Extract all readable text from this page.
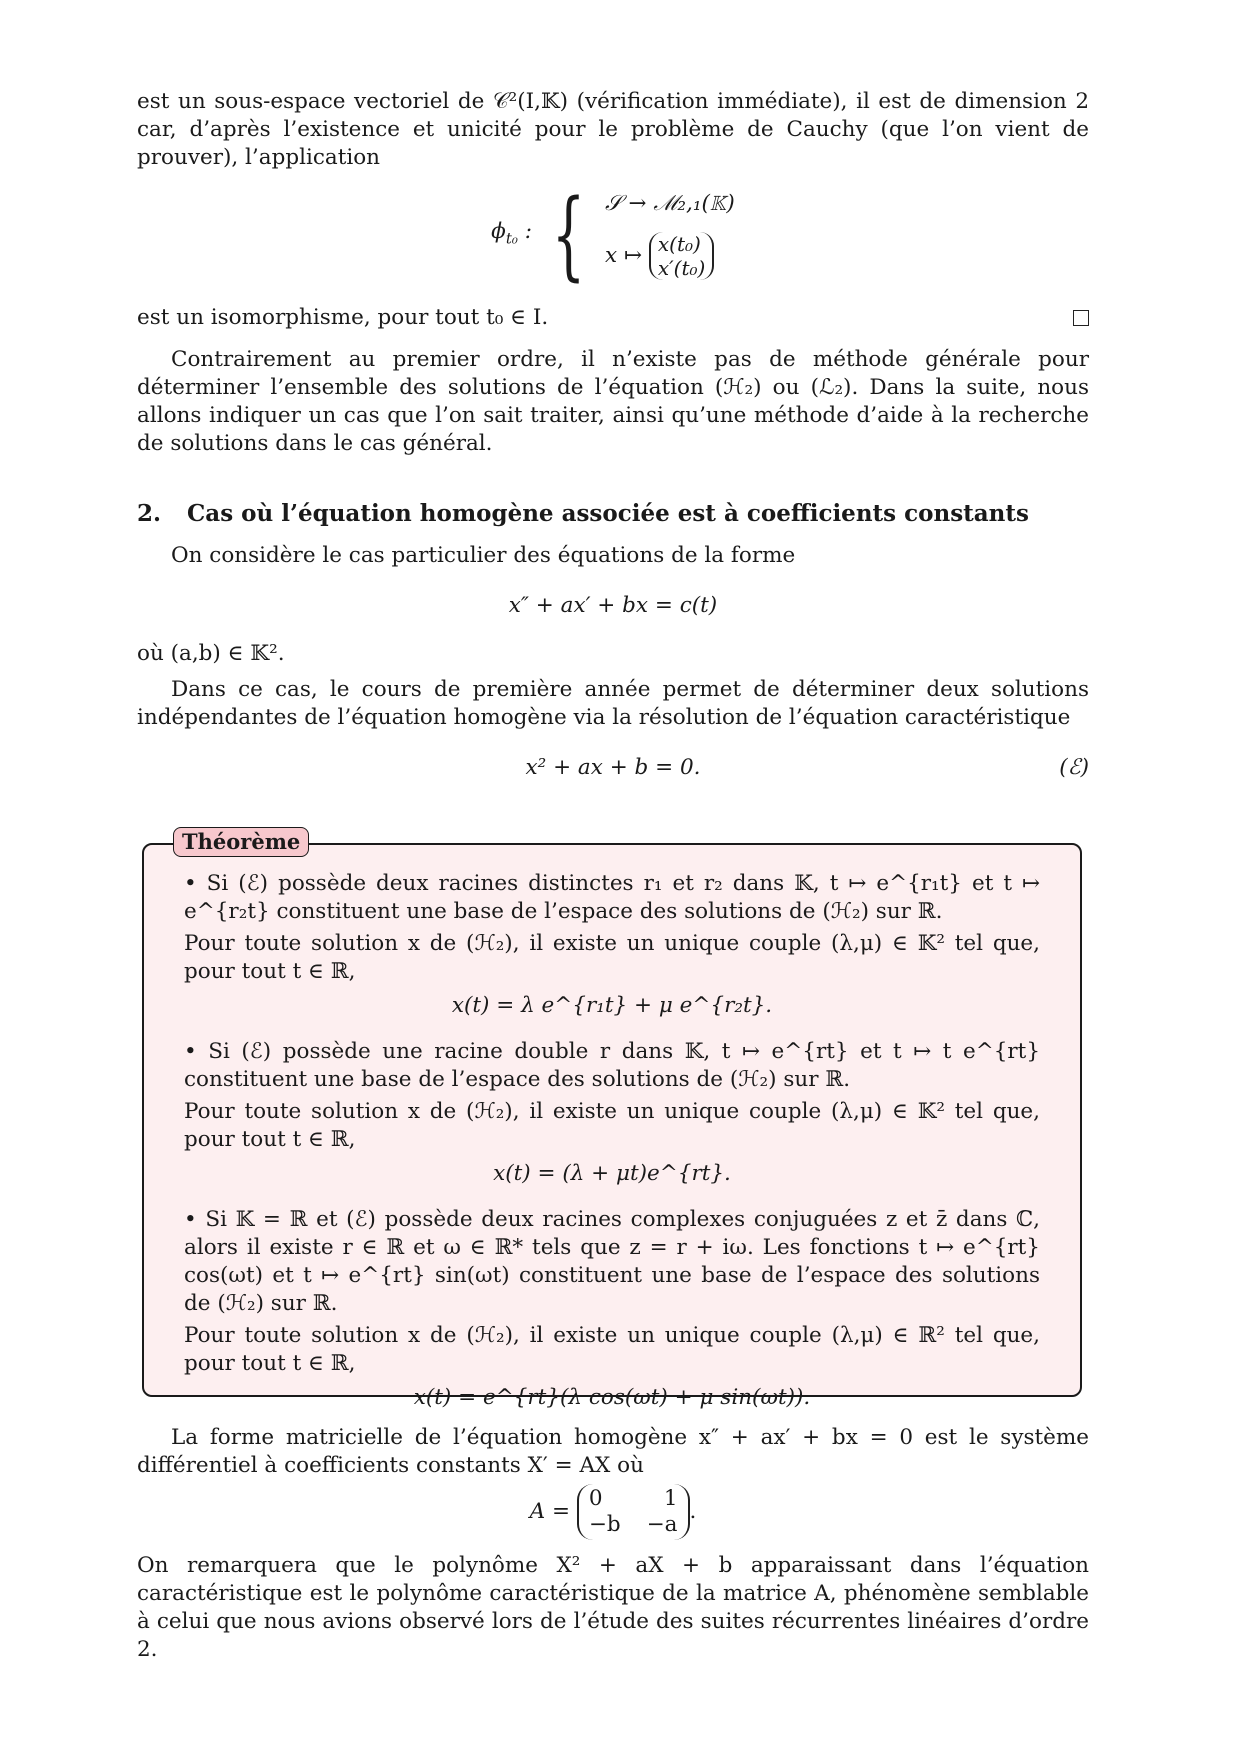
est un sous-espace vectoriel de 𝒞²(I,𝕂) (vérification immédiate), il est de dimension 2 car, d’après l’existence et unicité pour le problème de Cauchy (que l’on vient de prouver), l’application

$\phi_{t_0}$ : { 𝒮 → ℳ₂,₁(𝕂)
x ↦ x(t₀)
x′(t₀)

est un isomorphisme, pour tout t₀ ∈ I.

Contrairement au premier ordre, il n’existe pas de méthode générale pour déterminer l’ensemble des solutions de l’équation (ℋ₂) ou (ℒ₂). Dans la suite, nous allons indiquer un cas que l’on sait traiter, ainsi qu’une méthode d’aide à la recherche de solutions dans le cas général.

2. Cas où l’équation homogène associée est à coefficients constants

On considère le cas particulier des équations de la forme

x″ + ax′ + bx = c(t)

où (a,b) ∈ 𝕂².

Dans ce cas, le cours de première année permet de déterminer deux solutions indépendantes de l’équation homogène via la résolution de l’équation caractéristique

x² + ax + b = 0.	(ℰ)
Théorème

• Si (ℰ) possède deux racines distinctes r₁ et r₂ dans 𝕂, t ↦ e^{r₁t} et t ↦ e^{r₂t} constituent une base de l’espace des solutions de (ℋ₂) sur ℝ.

Pour toute solution x de (ℋ₂), il existe un unique couple (λ,μ) ∈ 𝕂² tel que, pour tout t ∈ ℝ,

x(t) = λ e^{r₁t} + μ e^{r₂t}.

• Si (ℰ) possède une racine double r dans 𝕂, t ↦ e^{rt} et t ↦ t e^{rt} constituent une base de l’espace des solutions de (ℋ₂) sur ℝ.

Pour toute solution x de (ℋ₂), il existe un unique couple (λ,μ) ∈ 𝕂² tel que, pour tout t ∈ ℝ,

x(t) = (λ + μt)e^{rt}.

• Si 𝕂 = ℝ et (ℰ) possède deux racines complexes conjuguées z et z̄ dans ℂ, alors il existe r ∈ ℝ et ω ∈ ℝ* tels que z = r + iω. Les fonctions t ↦ e^{rt} cos(ωt) et t ↦ e^{rt} sin(ωt) constituent une base de l’espace des solutions de (ℋ₂) sur ℝ.

Pour toute solution x de (ℋ₂), il existe un unique couple (λ,μ) ∈ ℝ² tel que, pour tout t ∈ ℝ,

x(t) = e^{rt}(λ cos(ωt) + μ sin(ωt)).

La forme matricielle de l’équation homogène x″ + ax′ + bx = 0 est le système différentiel à coefficients constants X′ = AX où

A =
0	1
−b −a
.

On remarquera que le polynôme X² + aX + b apparaissant dans l’équation caractéristique est le polynôme caractéristique de la matrice A, phénomène semblable à celui que nous avions observé lors de l’étude des suites récurrentes linéaires d’ordre 2.
